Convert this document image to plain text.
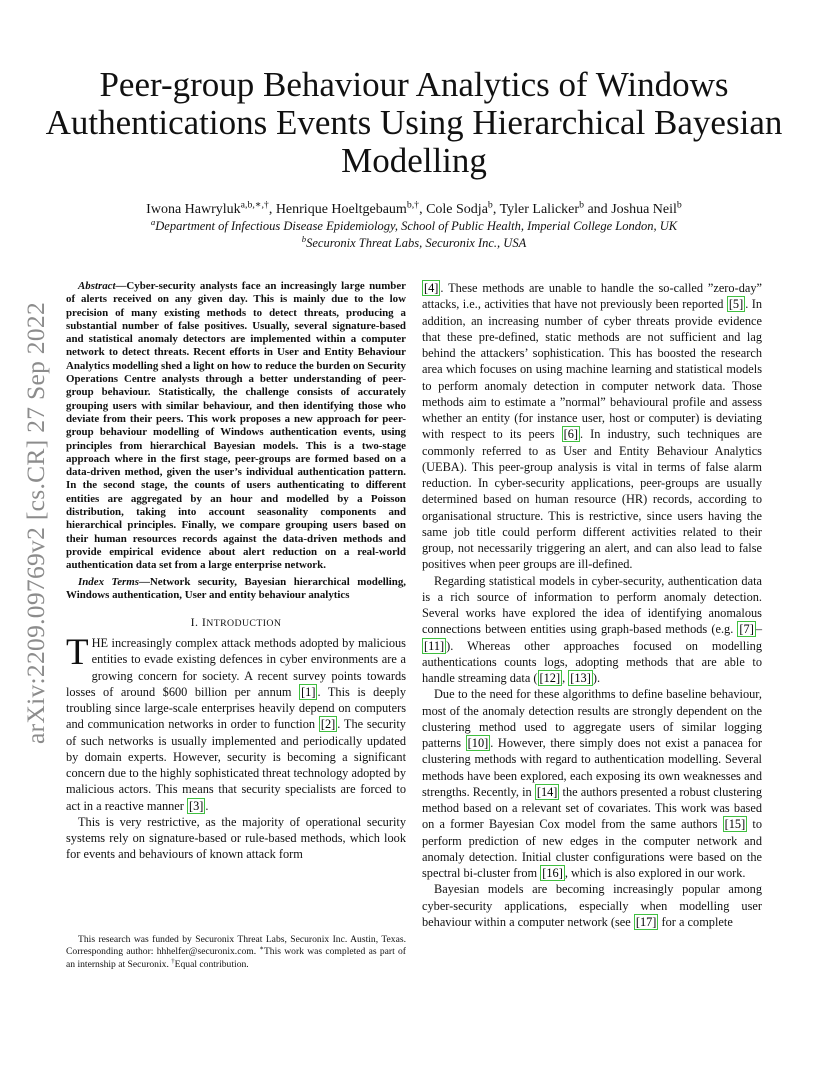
arXiv:2209.09769v2 [cs.CR] 27 Sep 2022
Peer-group Behaviour Analytics of Windows Authentications Events Using Hierarchical Bayesian Modelling
Iwona Hawryluk$^{a,b,∗,\dagger}$, Henrique Hoeltgebaum$^{b,\dagger}$, Cole Sodja$^b$, Tyler Lalicker$^b$ and Joshua Neil$^b$
$^a$Department of Infectious Disease Epidemiology, School of Public Health, Imperial College London, UK
$^b$Securonix Threat Labs, Securonix Inc., USA

Abstract—Cyber-security analysts face an increasingly large number of alerts received on any given day. This is mainly due to the low precision of many existing methods to detect threats, producing a substantial number of false positives. Usually, several signature-based and statistical anomaly detectors are implemented within a computer network to detect threats. Recent efforts in User and Entity Behaviour Analytics modelling shed a light on how to reduce the burden on Security Operations Centre analysts through a better understanding of peer-group behaviour. Statistically, the challenge consists of accurately grouping users with similar behaviour, and then identifying those who deviate from their peers. This work proposes a new approach for peer-group behaviour modelling of Windows authentication events, using principles from hierarchical Bayesian models. This is a two-stage approach where in the first stage, peer-groups are formed based on a data-driven method, given the user’s individual authentication pattern. In the second stage, the counts of users authenticating to different entities are aggregated by an hour and modelled by a Poisson distribution, taking into account seasonality components and hierarchical principles. Finally, we compare grouping users based on their human resources records against the data-driven methods and provide empirical evidence about alert reduction on a real-world authentication data set from a large enterprise network.

Index Terms—Network security, Bayesian hierarchical modelling, Windows authentication, User and entity behaviour analytics

I. INTRODUCTION

THE increasingly complex attack methods adopted by malicious entities to evade existing defences in cyber environments are a growing concern for society. A recent survey points towards losses of around $600 billion per annum [1] . This is deeply troubling since large-scale enterprises heavily depend on computers and communication networks in order to function [2] . The security of such networks is usually implemented and periodically updated by domain experts. However, security is becoming a significant concern due to the highly sophisticated threat technology adopted by malicious actors. This means that security specialists are forced to act in a reactive manner [3] .

This is very restrictive, as the majority of operational security systems rely on signature-based or rule-based methods, which look for events and behaviours of known attack form

This research was funded by Securonix Threat Labs, Securonix Inc. Austin, Texas. Corresponding author: hhhelfer@securonix.com. ∗This work was completed as part of an internship at Securonix. †Equal contribution.

[4] . These methods are unable to handle the so-called ”zero-day” attacks, i.e., activities that have not previously been reported [5] . In addition, an increasing number of cyber threats provide evidence that these pre-defined, static methods are not sufficient and lag behind the attackers’ sophistication. This has boosted the research area which focuses on using machine learning and statistical models to perform anomaly detection in computer network data. Those methods aim to estimate a ”normal” behavioural profile and assess whether an entity (for instance user, host or computer) is deviating with respect to its peers [6] . In industry, such techniques are commonly referred to as User and Entity Behaviour Analytics (UEBA). This peer-group analysis is vital in terms of false alarm reduction. In cyber-security applications, peer-groups are usually determined based on human resource (HR) records, according to organisational structure. This is restrictive, since users having the same job title could perform different activities related to their group, not necessarily triggering an alert, and can also lead to false positives when peer groups are ill-defined.

Regarding statistical models in cyber-security, authentication data is a rich source of information to perform anomaly detection. Several works have explored the idea of identifying anomalous connections between entities using graph-based methods (e.g. [7] –[11] ). Whereas other approaches focused on modelling authentications counts logs, adopting methods that are able to handle streaming data ( [12] , [13] ).

Due to the need for these algorithms to define baseline behaviour, most of the anomaly detection results are strongly dependent on the clustering method used to aggregate users of similar logging patterns [10] . However, there simply does not exist a panacea for clustering methods with regard to authentication modelling. Several methods have been explored, each exposing its own weaknesses and strengths. Recently, in [14] the authors presented a robust clustering method based on a relevant set of covariates. This work was based on a former Bayesian Cox model from the same authors [15] to perform prediction of new edges in the computer network and anomaly detection. Initial cluster configurations were based on the spectral bi-cluster from [16] , which is also explored in our work.

Bayesian models are becoming increasingly popular among cyber-security applications, especially when modelling user behaviour within a computer network (see [17] for a complete
